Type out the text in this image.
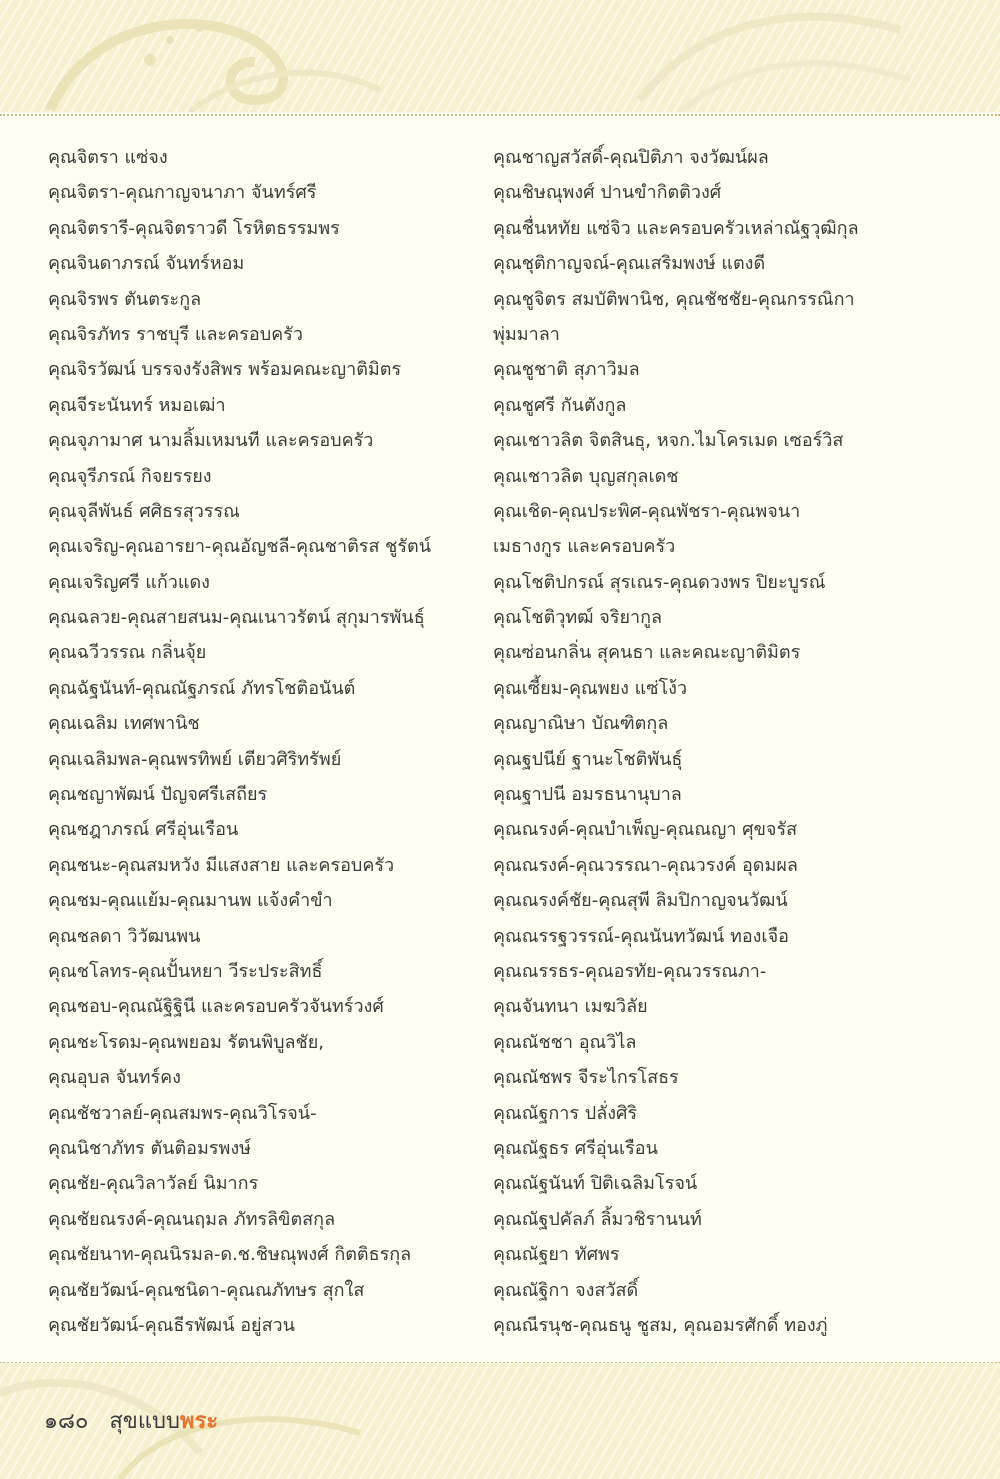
คุณจิตรา แซ่จง
คุณจิตรา-คุณกาญจนาภา จันทร์ศรี
คุณจิตรารี-คุณจิตราวดี โรหิตธรรมพร
คุณจินดาภรณ์ จันทร์หอม
คุณจิรพร ตันตระกูล
คุณจิรภัทร ราชบุรี และครอบครัว
คุณจิรวัฒน์ บรรจงรังสิพร พร้อมคณะญาติมิตร
คุณจีระนันทร์ หมอเฒ่า
คุณจุภามาศ นามลิ้มเหมนที และครอบครัว
คุณจุรีภรณ์ กิจยรรยง
คุณจุลีพันธ์ ศศิธรสุวรรณ
คุณเจริญ-คุณอารยา-คุณอัญชลี-คุณชาติรส ชูรัตน์
คุณเจริญศรี แก้วแดง
คุณฉลวย-คุณสายสนม-คุณเนาวรัตน์ สุกุมารพันธุ์
คุณฉวีวรรณ กลิ่นจุ้ย
คุณฉัฐนันท์-คุณณัฐภรณ์ ภัทรโชติอนันต์
คุณเฉลิม เทศพานิช
คุณเฉลิมพล-คุณพรทิพย์ เตียวศิริทรัพย์
คุณชญาพัฒน์ ปัญจศรีเสถียร
คุณชฎาภรณ์ ศรีอุ่นเรือน
คุณชนะ-คุณสมหวัง มีแสงสาย และครอบครัว
คุณชม-คุณแย้ม-คุณมานพ แจ้งคำขำ
คุณชลดา วิวัฒนพน
คุณชโลทร-คุณปั้นหยา วีระประสิทธิ์
คุณชอบ-คุณณัฐิฐินี และครอบครัวจันทร์วงศ์
คุณชะโรดม-คุณพยอม รัตนพิบูลชัย,
คุณอุบล จันทร์คง
คุณชัชวาลย์-คุณสมพร-คุณวิโรจน์-
คุณนิชาภัทร ตันติอมรพงษ์
คุณชัย-คุณวิลาวัลย์ นิมากร
คุณชัยณรงค์-คุณนฤมล ภัทรลิขิตสกุล
คุณชัยนาท-คุณนิรมล-ด.ช.ชิษณุพงศ์ กิตติธรกุล
คุณชัยวัฒน์-คุณชนิดา-คุณณภัทษร สุกใส
คุณชัยวัฒน์-คุณธีรพัฒน์ อยู่สวน
คุณชาญสวัสดิ์-คุณปิติภา จงวัฒน์ผล
คุณชิษณุพงศ์ ปานขำกิตติวงศ์
คุณชื่นหทัย แซ่จิว และครอบครัวเหล่าณัฐวุฒิกุล
คุณชุติกาญจณ์-คุณเสริมพงษ์ แตงดี
คุณชูจิตร สมบัติพานิช, คุณชัชชัย-คุณกรรณิกา
พุ่มมาลา
คุณชูชาติ สุภาวิมล
คุณชูศรี กันตังกูล
คุณเชาวลิต จิตสินธุ, หจก.ไมโครเมด เซอร์วิส
คุณเชาวลิต บุญสกุลเดช
คุณเชิด-คุณประพิศ-คุณพัชรา-คุณพจนา
เมธางกูร และครอบครัว
คุณโชติปกรณ์ สุรเณร-คุณดวงพร ปิยะบูรณ์
คุณโชติวุทฒ์ จริยากูล
คุณซ่อนกลิ่น สุคนธา และคณะญาติมิตร
คุณเซี้ยม-คุณพยง แซ่โง้ว
คุณญาณิษา บัณฑิตกุล
คุณฐปนีย์ ฐานะโชติพันธุ์
คุณฐาปนี อมรธนานุบาล
คุณณรงค์-คุณบำเพ็ญ-คุณณญา ศุขจรัส
คุณณรงค์-คุณวรรณา-คุณวรงค์ อุดมผล
คุณณรงค์ชัย-คุณสุพี ลิมปิกาญจนวัฒน์
คุณณรรฐวรรณ์-คุณนันทวัฒน์ ทองเจือ
คุณณรรธร-คุณอรทัย-คุณวรรณภา-
คุณจันทนา เมฆวิลัย
คุณณัชชา อุณวิไล
คุณณัชพร จีระไกรโสธร
คุณณัฐการ ปลั่งศิริ
คุณณัฐธร ศรีอุ่นเรือน
คุณณัฐนันท์ ปิติเฉลิมโรจน์
คุณณัฐปคัลภ์ ลิ้มวชิรานนท์
คุณณัฐยา ทัศพร
คุณณัฐิกา จงสวัสดิ์
คุณณีรนุช-คุณธนู ชูสม, คุณอมรศักดิ์ ทองภู่
๑๘๐ สุขแบบพระ
